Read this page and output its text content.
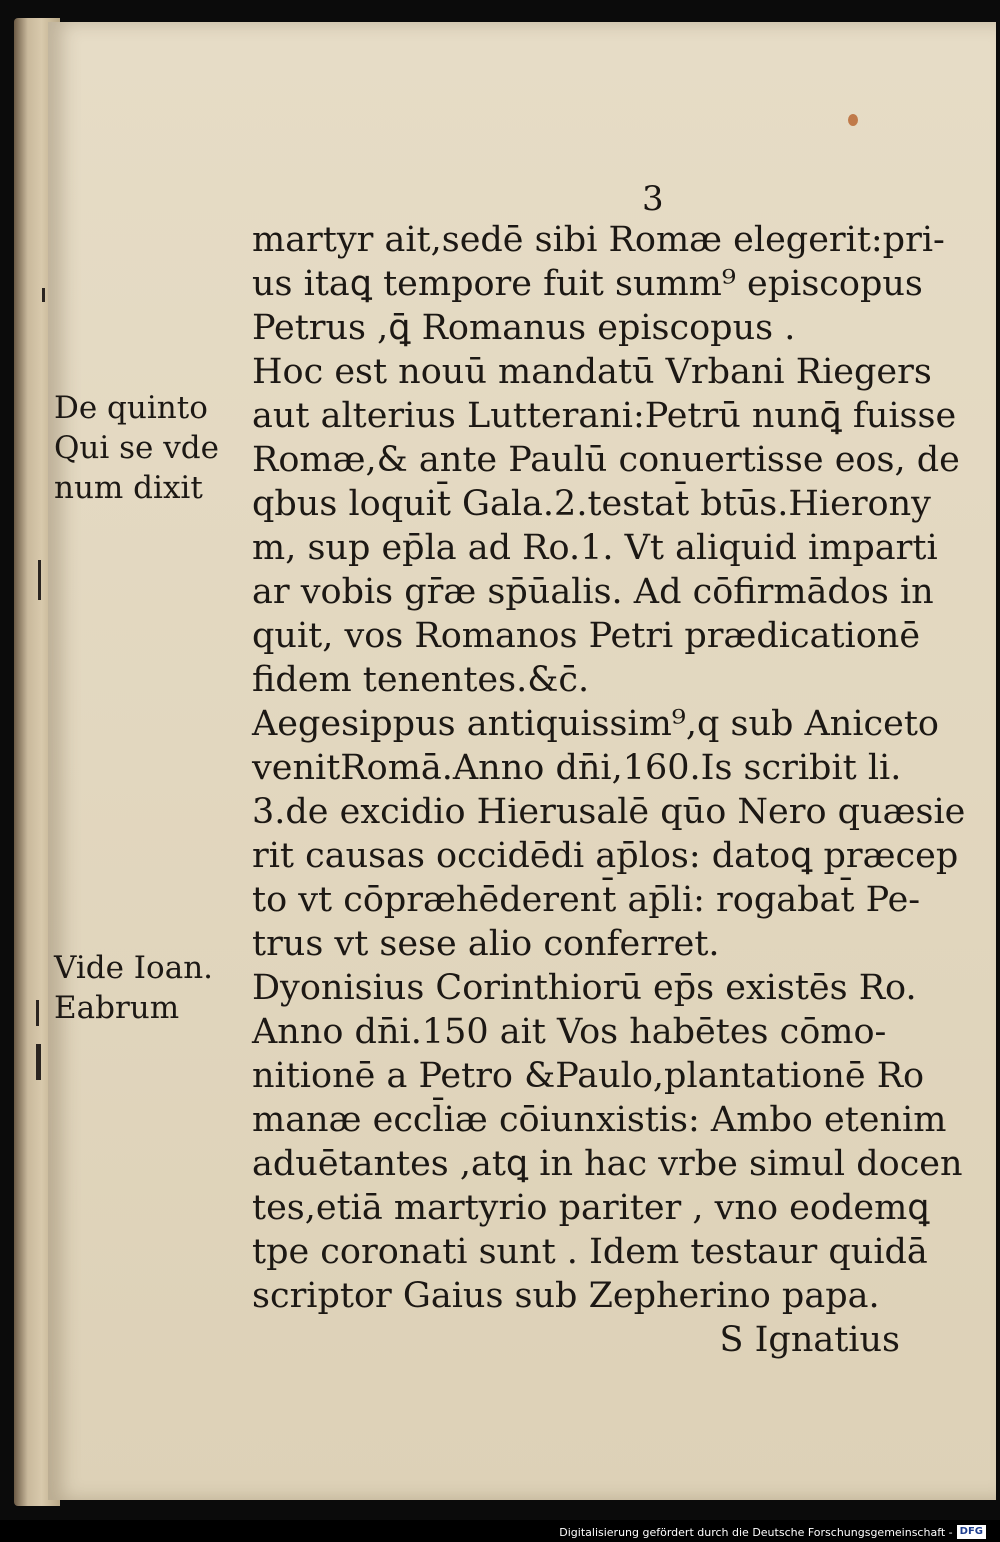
3
martyr ait,sedē sibi Romæ elegerit:pri-
us itaꝗ tempore fuit summ⁹ episcopus
Petrus ,ꝗ̄ Romanus episcopus .
Hoc est nouū mandatū Vrbani Riegers
aut alterius Lutterani:Petrū nunꝗ̄ fuisse
Romæ,& ante Paulū conuertisse eos, de
qbus loquit̄ Gala.2.testat̄ btūs.Hierony
m, sup ep̄la ad Ro.1. Vt aliquid imparti
ar vobis gr̄æ sp̄ūalis. Ad cōfirmādos in
quit, vos Romanos Petri prædicationē
fidem tenentes.&c̄.
Aegesippus antiquissim⁹,q sub Aniceto
venitRomā.Anno dn̄i,160.Is scribit li.
3.de excidio Hierusalē qūo Nero quæsie
rit causas occidēdi ap̄los: datoꝗ præcep
to vt cōpræhēderent̄ ap̄li: rogabat̄ Pe-
trus vt sese alio conferret.
Dyonisius Corinthiorū ep̄s existēs Ro.
Anno dn̄i.150 ait Vos habētes cōmo-
nitionē a Petro &Paulo,plantationē Ro
manæ eccl̄iæ cōiunxistis: Ambo etenim
aduētantes ,atꝗ in hac vrbe simul docen
tes,etiā martyrio pariter , vno eodemꝗ
tpe coronati sunt . Idem testaur quidā
scriptor Gaius sub Zepherino papa.
S Ignatius
De quinto
Qui se vde
num dixit
Vide Ioan.
Eabrum
Digitalisierung gefördert durch die Deutsche Forschungsgemeinschaft - DFG
